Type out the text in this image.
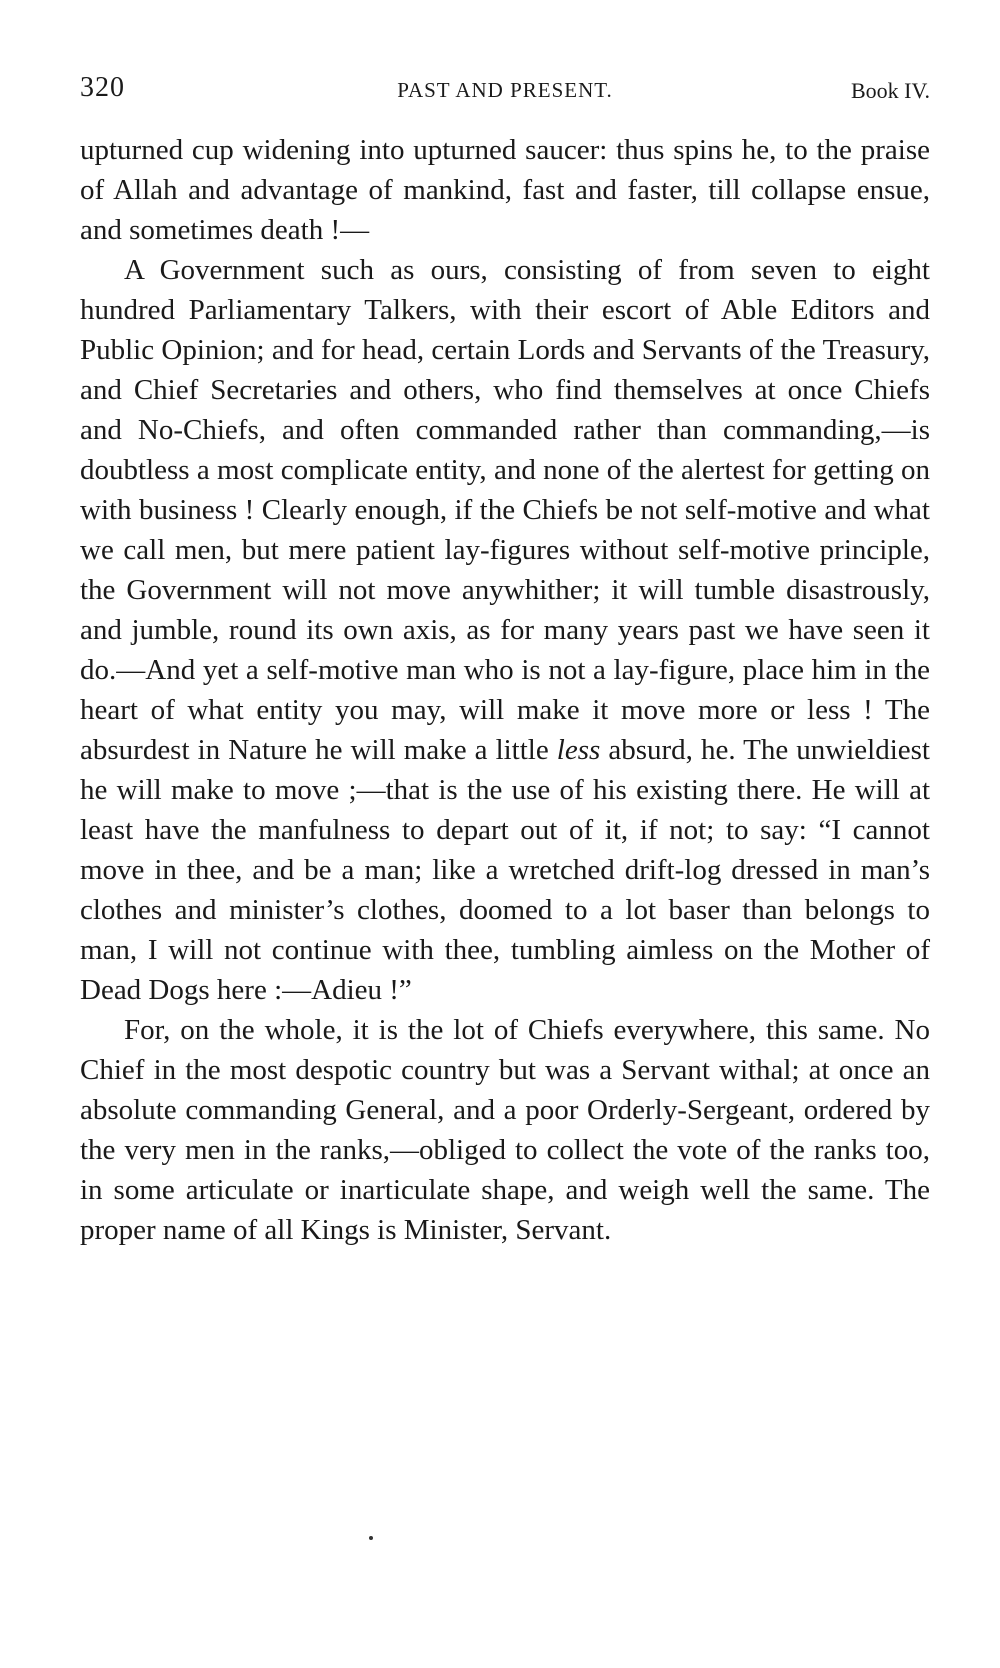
320	PAST AND PRESENT.	Book IV.

upturned cup widening into upturned saucer: thus spins he, to the praise of Allah and advantage of mankind, fast and faster, till collapse ensue, and sometimes death !—

A Government such as ours, consisting of from seven to eight hundred Parliamentary Talkers, with their escort of Able Editors and Public Opinion; and for head, certain Lords and Servants of the Treasury, and Chief Secretaries and others, who find themselves at once Chiefs and No-Chiefs, and often commanded rather than commanding,—is doubtless a most complicate entity, and none of the alertest for getting on with business ! Clearly enough, if the Chiefs be not self-motive and what we call men, but mere patient lay-figures without self-motive principle, the Government will not move anywhither; it will tumble disastrously, and jumble, round its own axis, as for many years past we have seen it do.—And yet a self-motive man who is not a lay-figure, place him in the heart of what entity you may, will make it move more or less ! The absurdest in Nature he will make a little less absurd, he. The unwieldiest he will make to move ;—that is the use of his existing there. He will at least have the manfulness to depart out of it, if not; to say: “I cannot move in thee, and be a man; like a wretched drift-log dressed in man’s clothes and minister’s clothes, doomed to a lot baser than belongs to man, I will not continue with thee, tumbling aimless on the Mother of Dead Dogs here :—Adieu !”

For, on the whole, it is the lot of Chiefs everywhere, this same. No Chief in the most despotic country but was a Servant withal; at once an absolute commanding General, and a poor Orderly-Sergeant, ordered by the very men in the ranks,—obliged to collect the vote of the ranks too, in some articulate or inarticulate shape, and weigh well the same. The proper name of all Kings is Minister, Servant.
